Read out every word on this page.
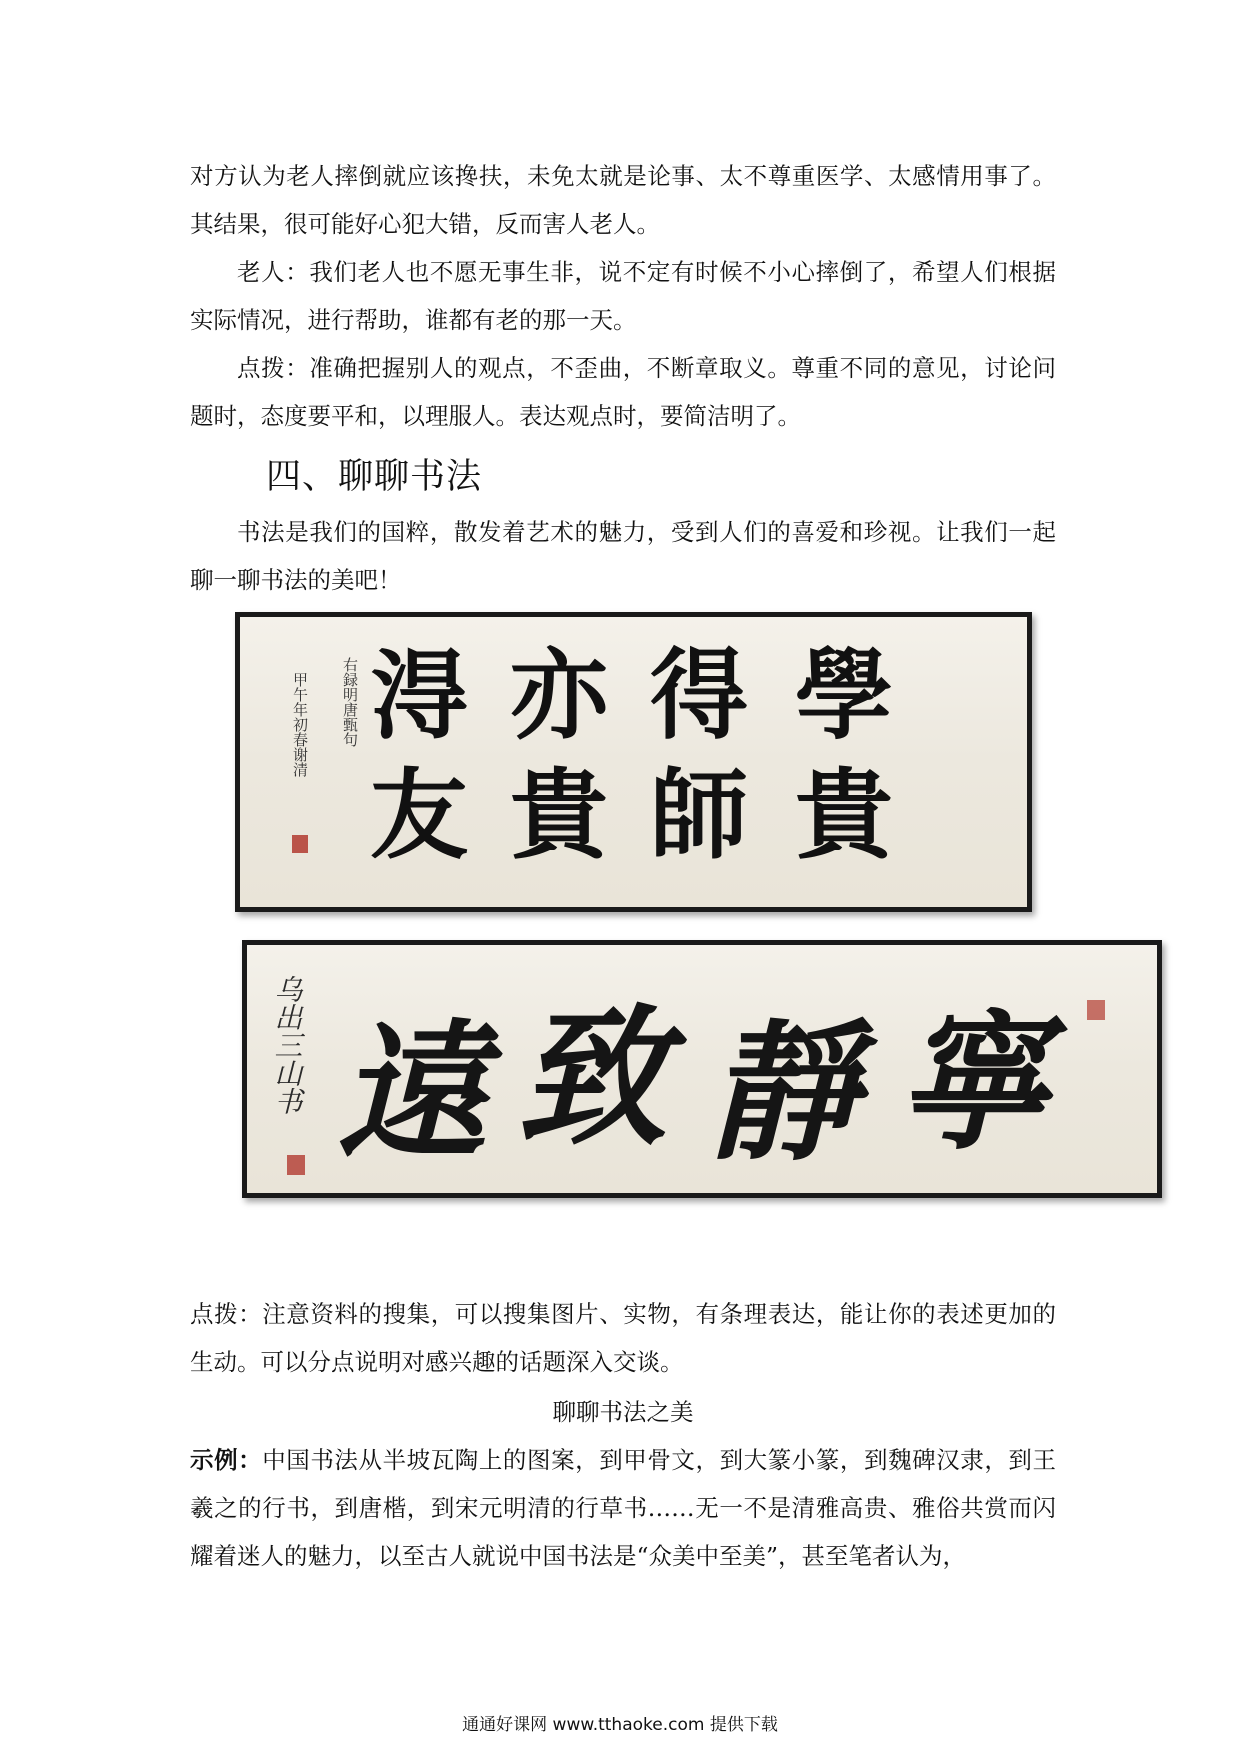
对方认为老人摔倒就应该搀扶，未免太就是论事、太不尊重医学、太感情用事了。其结果，很可能好心犯大错，反而害人老人。

老人：我们老人也不愿无事生非，说不定有时候不小心摔倒了，希望人们根据实际情况，进行帮助，谁都有老的那一天。

点拨：准确把握别人的观点，不歪曲，不断章取义。尊重不同的意见，讨论问题时，态度要平和，以理服人。表达观点时，要简洁明了。

四、聊聊书法

书法是我们的国粹，散发着艺术的魅力，受到人们的喜爱和珍视。让我们一起聊一聊书法的美吧！

右録明唐甄句
甲午年初春谢清	學
得
亦
淂
貴
師
貴
友
乌出三山书	寧
靜
致
遠

点拨：注意资料的搜集，可以搜集图片、实物，有条理表达，能让你的表述更加的生动。可以分点说明对感兴趣的话题深入交谈。

聊聊书法之美

示例：中国书法从半坡瓦陶上的图案，到甲骨文，到大篆小篆，到魏碑汉隶，到王羲之的行书，到唐楷，到宋元明清的行草书……无一不是清雅高贵、雅俗共赏而闪耀着迷人的魅力，以至古人就说中国书法是“众美中至美”，甚至笔者认为，

通通好课网 www.tthaoke.com 提供下载
